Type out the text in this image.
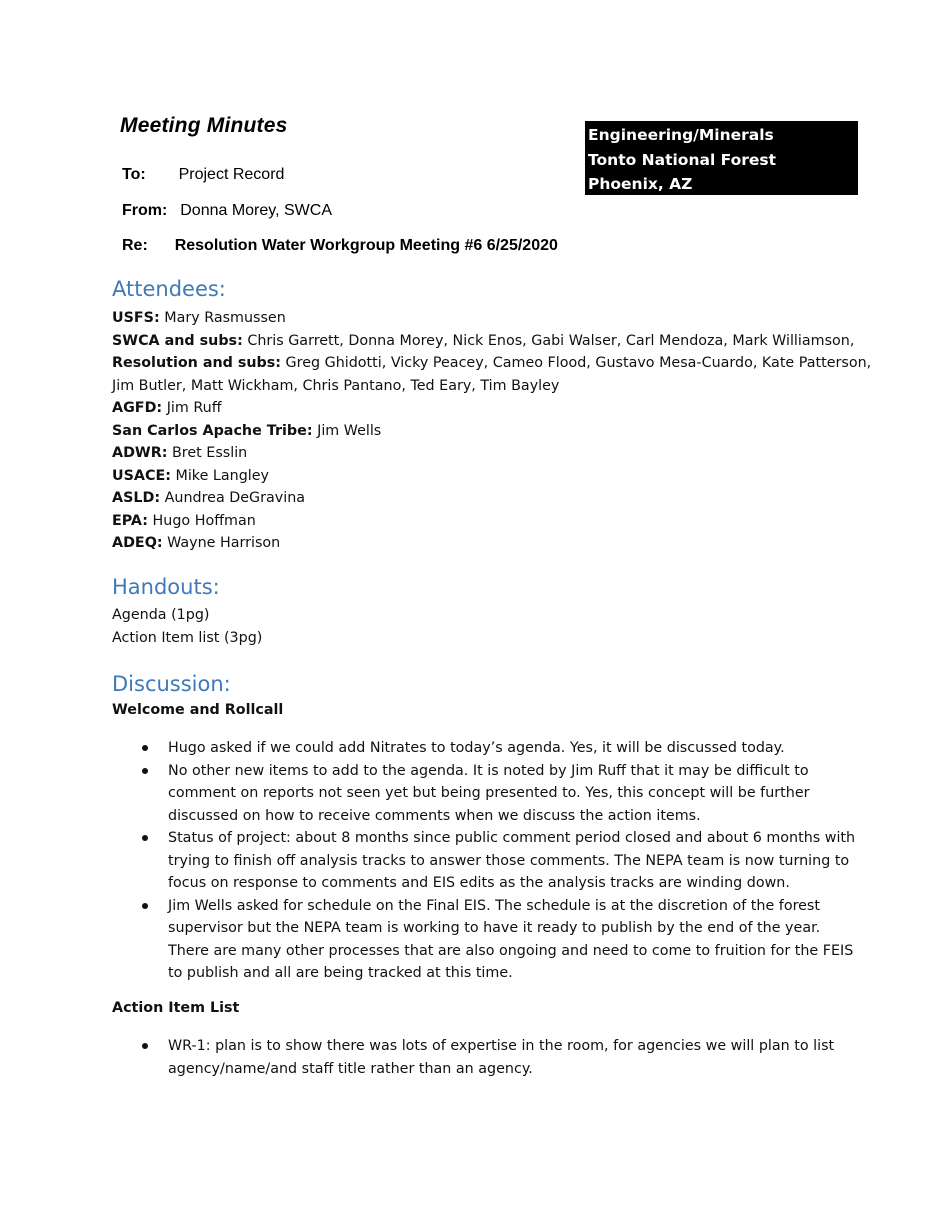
Meeting Minutes	Engineering/Minerals
Tonto National Forest
Phoenix, AZ
To: Project Record
From: Donna Morey, SWCA
Re: Resolution Water Workgroup Meeting #6 6/25/2020
Attendees:
USFS: Mary Rasmussen
SWCA and subs: Chris Garrett, Donna Morey, Nick Enos, Gabi Walser, Carl Mendoza, Mark Williamson,
Resolution and subs: Greg Ghidotti, Vicky Peacey, Cameo Flood, Gustavo Mesa-Cuardo, Kate Patterson,
Jim Butler, Matt Wickham, Chris Pantano, Ted Eary, Tim Bayley
AGFD: Jim Ruff
San Carlos Apache Tribe: Jim Wells
ADWR: Bret Esslin
USACE: Mike Langley
ASLD: Aundrea DeGravina
EPA: Hugo Hoffman
ADEQ: Wayne Harrison
Handouts:
Agenda (1pg)
Action Item list (3pg)
Discussion:
Welcome and Rollcall
Hugo asked if we could add Nitrates to today’s agenda. Yes, it will be discussed today.
No other new items to add to the agenda. It is noted by Jim Ruff that it may be difficult to
comment on reports not seen yet but being presented to. Yes, this concept will be further
discussed on how to receive comments when we discuss the action items.
Status of project: about 8 months since public comment period closed and about 6 months with
trying to finish off analysis tracks to answer those comments. The NEPA team is now turning to
focus on response to comments and EIS edits as the analysis tracks are winding down.
Jim Wells asked for schedule on the Final EIS. The schedule is at the discretion of the forest
supervisor but the NEPA team is working to have it ready to publish by the end of the year.
There are many other processes that are also ongoing and need to come to fruition for the FEIS
to publish and all are being tracked at this time.
Action Item List
WR-1: plan is to show there was lots of expertise in the room, for agencies we will plan to list
agency/name/and staff title rather than an agency.
